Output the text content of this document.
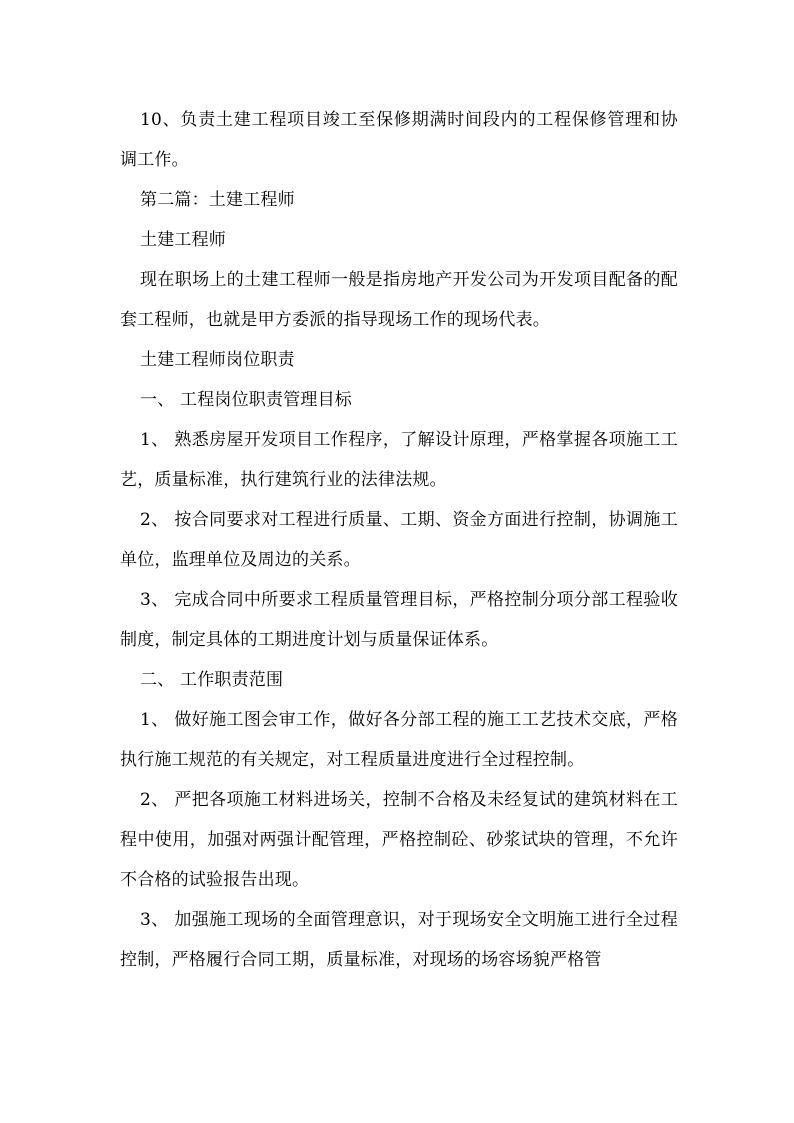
10、负责土建工程项目竣工至保修期满时间段内的工程保修管理和协调工作。

第二篇：土建工程师

土建工程师

现在职场上的土建工程师一般是指房地产开发公司为开发项目配备的配套工程师，也就是甲方委派的指导现场工作的现场代表。

土建工程师岗位职责

一、 工程岗位职责管理目标

1、 熟悉房屋开发项目工作程序，了解设计原理，严格掌握各项施工工艺，质量标准，执行建筑行业的法律法规。

2、 按合同要求对工程进行质量、工期、资金方面进行控制，协调施工单位，监理单位及周边的关系。

3、 完成合同中所要求工程质量管理目标，严格控制分项分部工程验收制度，制定具体的工期进度计划与质量保证体系。

二、 工作职责范围

1、 做好施工图会审工作，做好各分部工程的施工工艺技术交底，严格执行施工规范的有关规定，对工程质量进度进行全过程控制。

2、 严把各项施工材料进场关，控制不合格及未经复试的建筑材料在工程中使用，加强对两强计配管理，严格控制砼、砂浆试块的管理，不允许不合格的试验报告出现。

3、 加强施工现场的全面管理意识，对于现场安全文明施工进行全过程控制，严格履行合同工期，质量标准，对现场的场容场貌严格管
